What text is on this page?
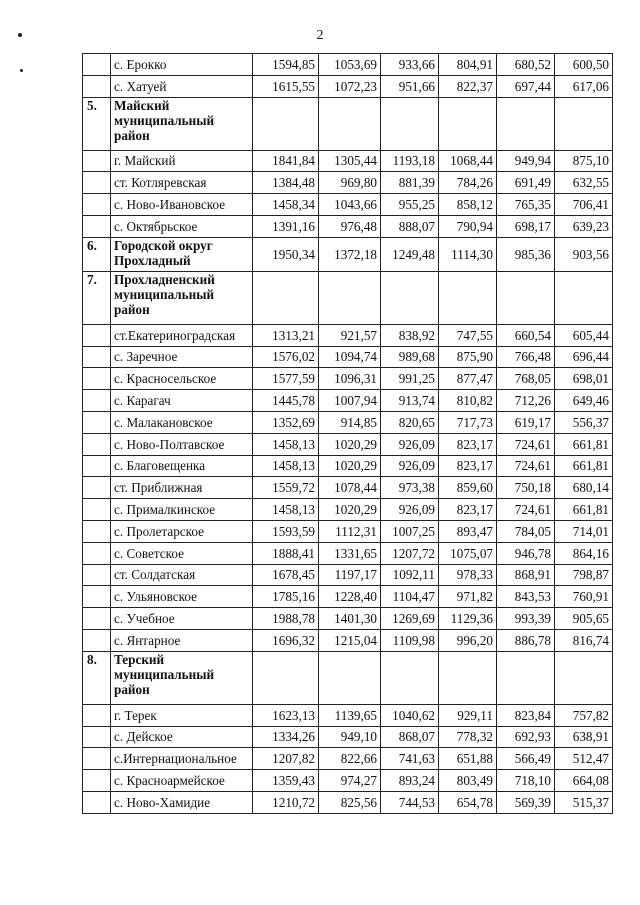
2
	с. Ерокко	1594,85	1053,69	933,66	804,91	680,52	600,50
	с. Хатуей	1615,55	1072,23	951,66	822,37	697,44	617,06
5.	Майский муниципальный район						
	г. Майский	1841,84	1305,44	1193,18	1068,44	949,94	875,10
	ст. Котляревская	1384,48	969,80	881,39	784,26	691,49	632,55
	с. Ново-Ивановское	1458,34	1043,66	955,25	858,12	765,35	706,41
	с. Октябрьское	1391,16	976,48	888,07	790,94	698,17	639,23
6.	Городской округ Прохладный	1950,34	1372,18	1249,48	1114,30	985,36	903,56
7.	Прохладненский муниципальный район						
	ст.Екатериноградская	1313,21	921,57	838,92	747,55	660,54	605,44
	с. Заречное	1576,02	1094,74	989,68	875,90	766,48	696,44
	с. Красносельское	1577,59	1096,31	991,25	877,47	768,05	698,01
	с. Карагач	1445,78	1007,94	913,74	810,82	712,26	649,46
	с. Малакановское	1352,69	914,85	820,65	717,73	619,17	556,37
	с. Ново-Полтавское	1458,13	1020,29	926,09	823,17	724,61	661,81
	с. Благовещенка	1458,13	1020,29	926,09	823,17	724,61	661,81
	ст. Приближная	1559,72	1078,44	973,38	859,60	750,18	680,14
	с. Прималкинское	1458,13	1020,29	926,09	823,17	724,61	661,81
	с. Пролетарское	1593,59	1112,31	1007,25	893,47	784,05	714,01
	с. Советское	1888,41	1331,65	1207,72	1075,07	946,78	864,16
	ст. Солдатская	1678,45	1197,17	1092,11	978,33	868,91	798,87
	с. Ульяновское	1785,16	1228,40	1104,47	971,82	843,53	760,91
	с. Учебное	1988,78	1401,30	1269,69	1129,36	993,39	905,65
	с. Янтарное	1696,32	1215,04	1109,98	996,20	886,78	816,74
8.	Терский муниципальный район						
	г. Терек	1623,13	1139,65	1040,62	929,11	823,84	757,82
	с. Дейское	1334,26	949,10	868,07	778,32	692,93	638,91
	с.Интернациональное	1207,82	822,66	741,63	651,88	566,49	512,47
	с. Красноармейское	1359,43	974,27	893,24	803,49	718,10	664,08
	с. Ново-Хамидие	1210,72	825,56	744,53	654,78	569,39	515,37
